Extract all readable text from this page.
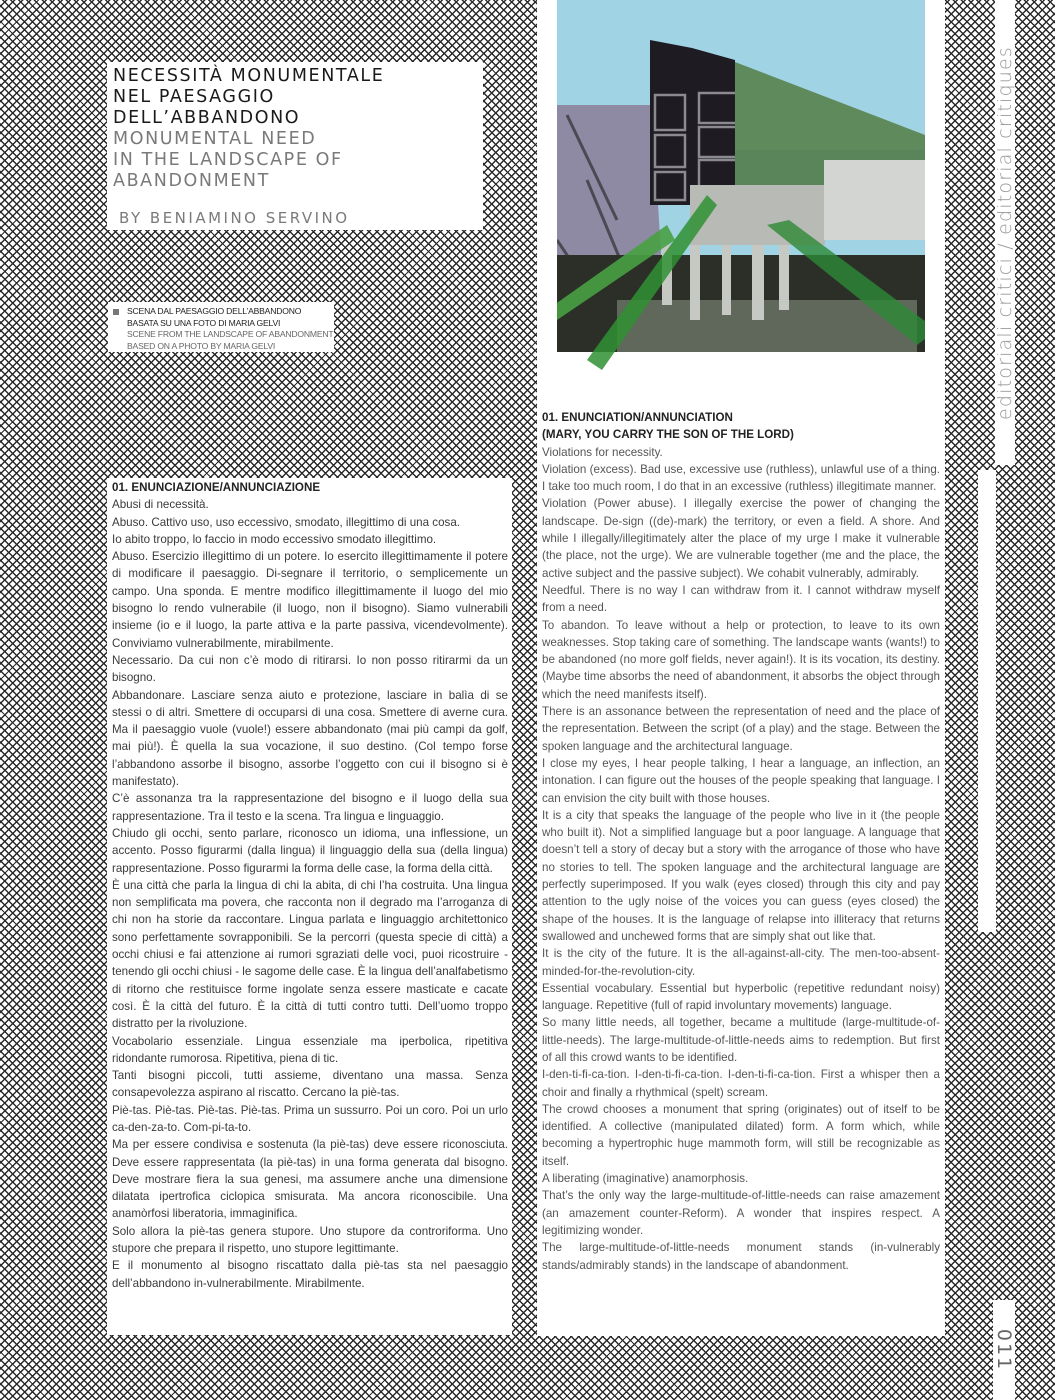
NECESSITÀ MONUMENTALE
NEL PAESAGGIO
DELL’ABBANDONO
MONUMENTAL NEED
IN THE LANDSCAPE OF
ABANDONMENT
BY BENIAMINO SERVINO
SCENA DAL PAESAGGIO DELL’ABBANDONO
BASATA SU UNA FOTO DI MARIA GELVI
SCENE FROM THE LANDSCAPE OF ABANDONMENT
BASED ON A PHOTO BY MARIA GELVI

01. ENUNCIAZIONE/ANNUNCIAZIONE

Abusi di necessità.

Abuso. Cattivo uso, uso eccessivo, smodato, illegittimo di una cosa.

Io abito troppo, lo faccio in modo eccessivo smodato illegittimo.

Abuso. Esercizio illegittimo di un potere. Io esercito illegittimamente il potere di modificare il paesaggio. Di-segnare il territorio, o semplicemente un campo. Una sponda. E mentre modifico illegittimamente il luogo del mio bisogno lo rendo vulnerabile (il luogo, non il bisogno). Siamo vulnerabili insieme (io e il luogo, la parte attiva e la parte passiva, vicendevolmente). Conviviamo vulnerabilmente, mirabilmente.

Necessario. Da cui non c’è modo di ritirarsi. Io non posso ritirarmi da un bisogno.

Abbandonare. Lasciare senza aiuto e protezione, lasciare in balìa di se stessi o di altri. Smettere di occuparsi di una cosa. Smettere di averne cura. Ma il paesaggio vuole (vuole!) essere abbandonato (mai più campi da golf, mai più!). È quella la sua vocazione, il suo destino. (Col tempo forse l’abbandono assorbe il bisogno, assorbe l’oggetto con cui il bisogno si è manifestato).

C’è assonanza tra la rappresentazione del bisogno e il luogo della sua rappresentazione. Tra il testo e la scena. Tra lingua e linguaggio.

Chiudo gli occhi, sento parlare, riconosco un idioma, una inflessione, un accento. Posso figurarmi (dalla lingua) il linguaggio della sua (della lingua) rappresentazione. Posso figurarmi la forma delle case, la forma della città.

È una città che parla la lingua di chi la abita, di chi l’ha costruita. Una lingua non semplificata ma povera, che racconta non il degrado ma l’arroganza di chi non ha storie da raccontare. Lingua parlata e linguaggio architettonico sono perfettamente sovrapponibili. Se la percorri (questa specie di città) a occhi chiusi e fai attenzione ai rumori sgraziati delle voci, puoi ricostruire - tenendo gli occhi chiusi - le sagome delle case. È la lingua dell’analfabetismo di ritorno che restituisce forme ingolate senza essere masticate e cacate così. È la città del futuro. È la città di tutti contro tutti. Dell’uomo troppo distratto per la rivoluzione.

Vocabolario essenziale. Lingua essenziale ma iperbolica, ripetitiva ridondante rumorosa. Ripetitiva, piena di tic.

Tanti bisogni piccoli, tutti assieme, diventano una massa. Senza consapevolezza aspirano al riscatto. Cercano la piè-tas.

Piè-tas. Piè-tas. Piè-tas. Piè-tas. Prima un sussurro. Poi un coro. Poi un urlo ca-den-za-to. Com-pi-ta-to.

Ma per essere condivisa e sostenuta (la piè-tas) deve essere riconosciuta. Deve essere rappresentata (la piè-tas) in una forma generata dal bisogno. Deve mostrare fiera la sua genesi, ma assumere anche una dimensione dilatata ipertrofica ciclopica smisurata. Ma ancora riconoscibile. Una anamòrfosi liberatoria, immaginifica.

Solo allora la piè-tas genera stupore. Uno stupore da controriforma. Uno stupore che prepara il rispetto, uno stupore legittimante.

E il monumento al bisogno riscattato dalla piè-tas sta nel paesaggio dell’abbandono in-vulnerabilmente. Mirabilmente.

01. ENUNCIATION/ANNUNCIATION

(MARY, YOU CARRY THE SON OF THE LORD)

Violations for necessity.

Violation (excess). Bad use, excessive use (ruthless), unlawful use of a thing. I take too much room, I do that in an excessive (ruthless) illegitimate manner.

Violation (Power abuse). I illegally exercise the power of changing the landscape. De-sign ((de)-mark) the territory, or even a field. A shore. And while I illegally/illegitimately alter the place of my urge I make it vulnerable (the place, not the urge). We are vulnerable together (me and the place, the active subject and the passive subject). We cohabit vulnerably, admirably.

Needful. There is no way I can withdraw from it. I cannot withdraw myself from a need.

To abandon. To leave without a help or protection, to leave to its own weaknesses. Stop taking care of something. The landscape wants (wants!) to be abandoned (no more golf fields, never again!). It is its vocation, its destiny. (Maybe time absorbs the need of abandonment, it absorbs the object through which the need manifests itself).

There is an assonance between the representation of need and the place of the representation. Between the script (of a play) and the stage. Between the spoken language and the architectural language.

I close my eyes, I hear people talking, I hear a language, an inflection, an intonation. I can figure out the houses of the people speaking that language. I can envision the city built with those houses.

It is a city that speaks the language of the people who live in it (the people who built it). Not a simplified language but a poor language. A language that doesn’t tell a story of decay but a story with the arrogance of those who have no stories to tell. The spoken language and the architectural language are perfectly superimposed. If you walk (eyes closed) through this city and pay attention to the ugly noise of the voices you can guess (eyes closed) the shape of the houses. It is the language of relapse into illiteracy that returns swallowed and unchewed forms that are simply shat out like that.

It is the city of the future. It is the all-against-all-city. The men-too-absent-minded-for-the-revolution-city.

Essential vocabulary. Essential but hyperbolic (repetitive redundant noisy) language. Repetitive (full of rapid involuntary movements) language.

So many little needs, all together, became a multitude (large-multitude-of-little-needs). The large-multitude-of-little-needs aims to redemption. But first of all this crowd wants to be identified.

I-den-ti-fi-ca-tion. I-den-ti-fi-ca-tion. I-den-ti-fi-ca-tion. First a whisper then a choir and finally a rhythmical (spelt) scream.

The crowd chooses a monument that spring (originates) out of itself to be identified. A collective (manipulated dilated) form. A form which, while becoming a hypertrophic huge mammoth form, will still be recognizable as itself.

A liberating (imaginative) anamorphosis.

That’s the only way the large-multitude-of-little-needs can raise amazement (an amazement counter-Reform). A wonder that inspires respect. A legitimizing wonder.

The large-multitude-of-little-needs monument stands (in-vulnerably stands/admirably stands) in the landscape of abandonment.

editoriali critici / editorial critiques
011
